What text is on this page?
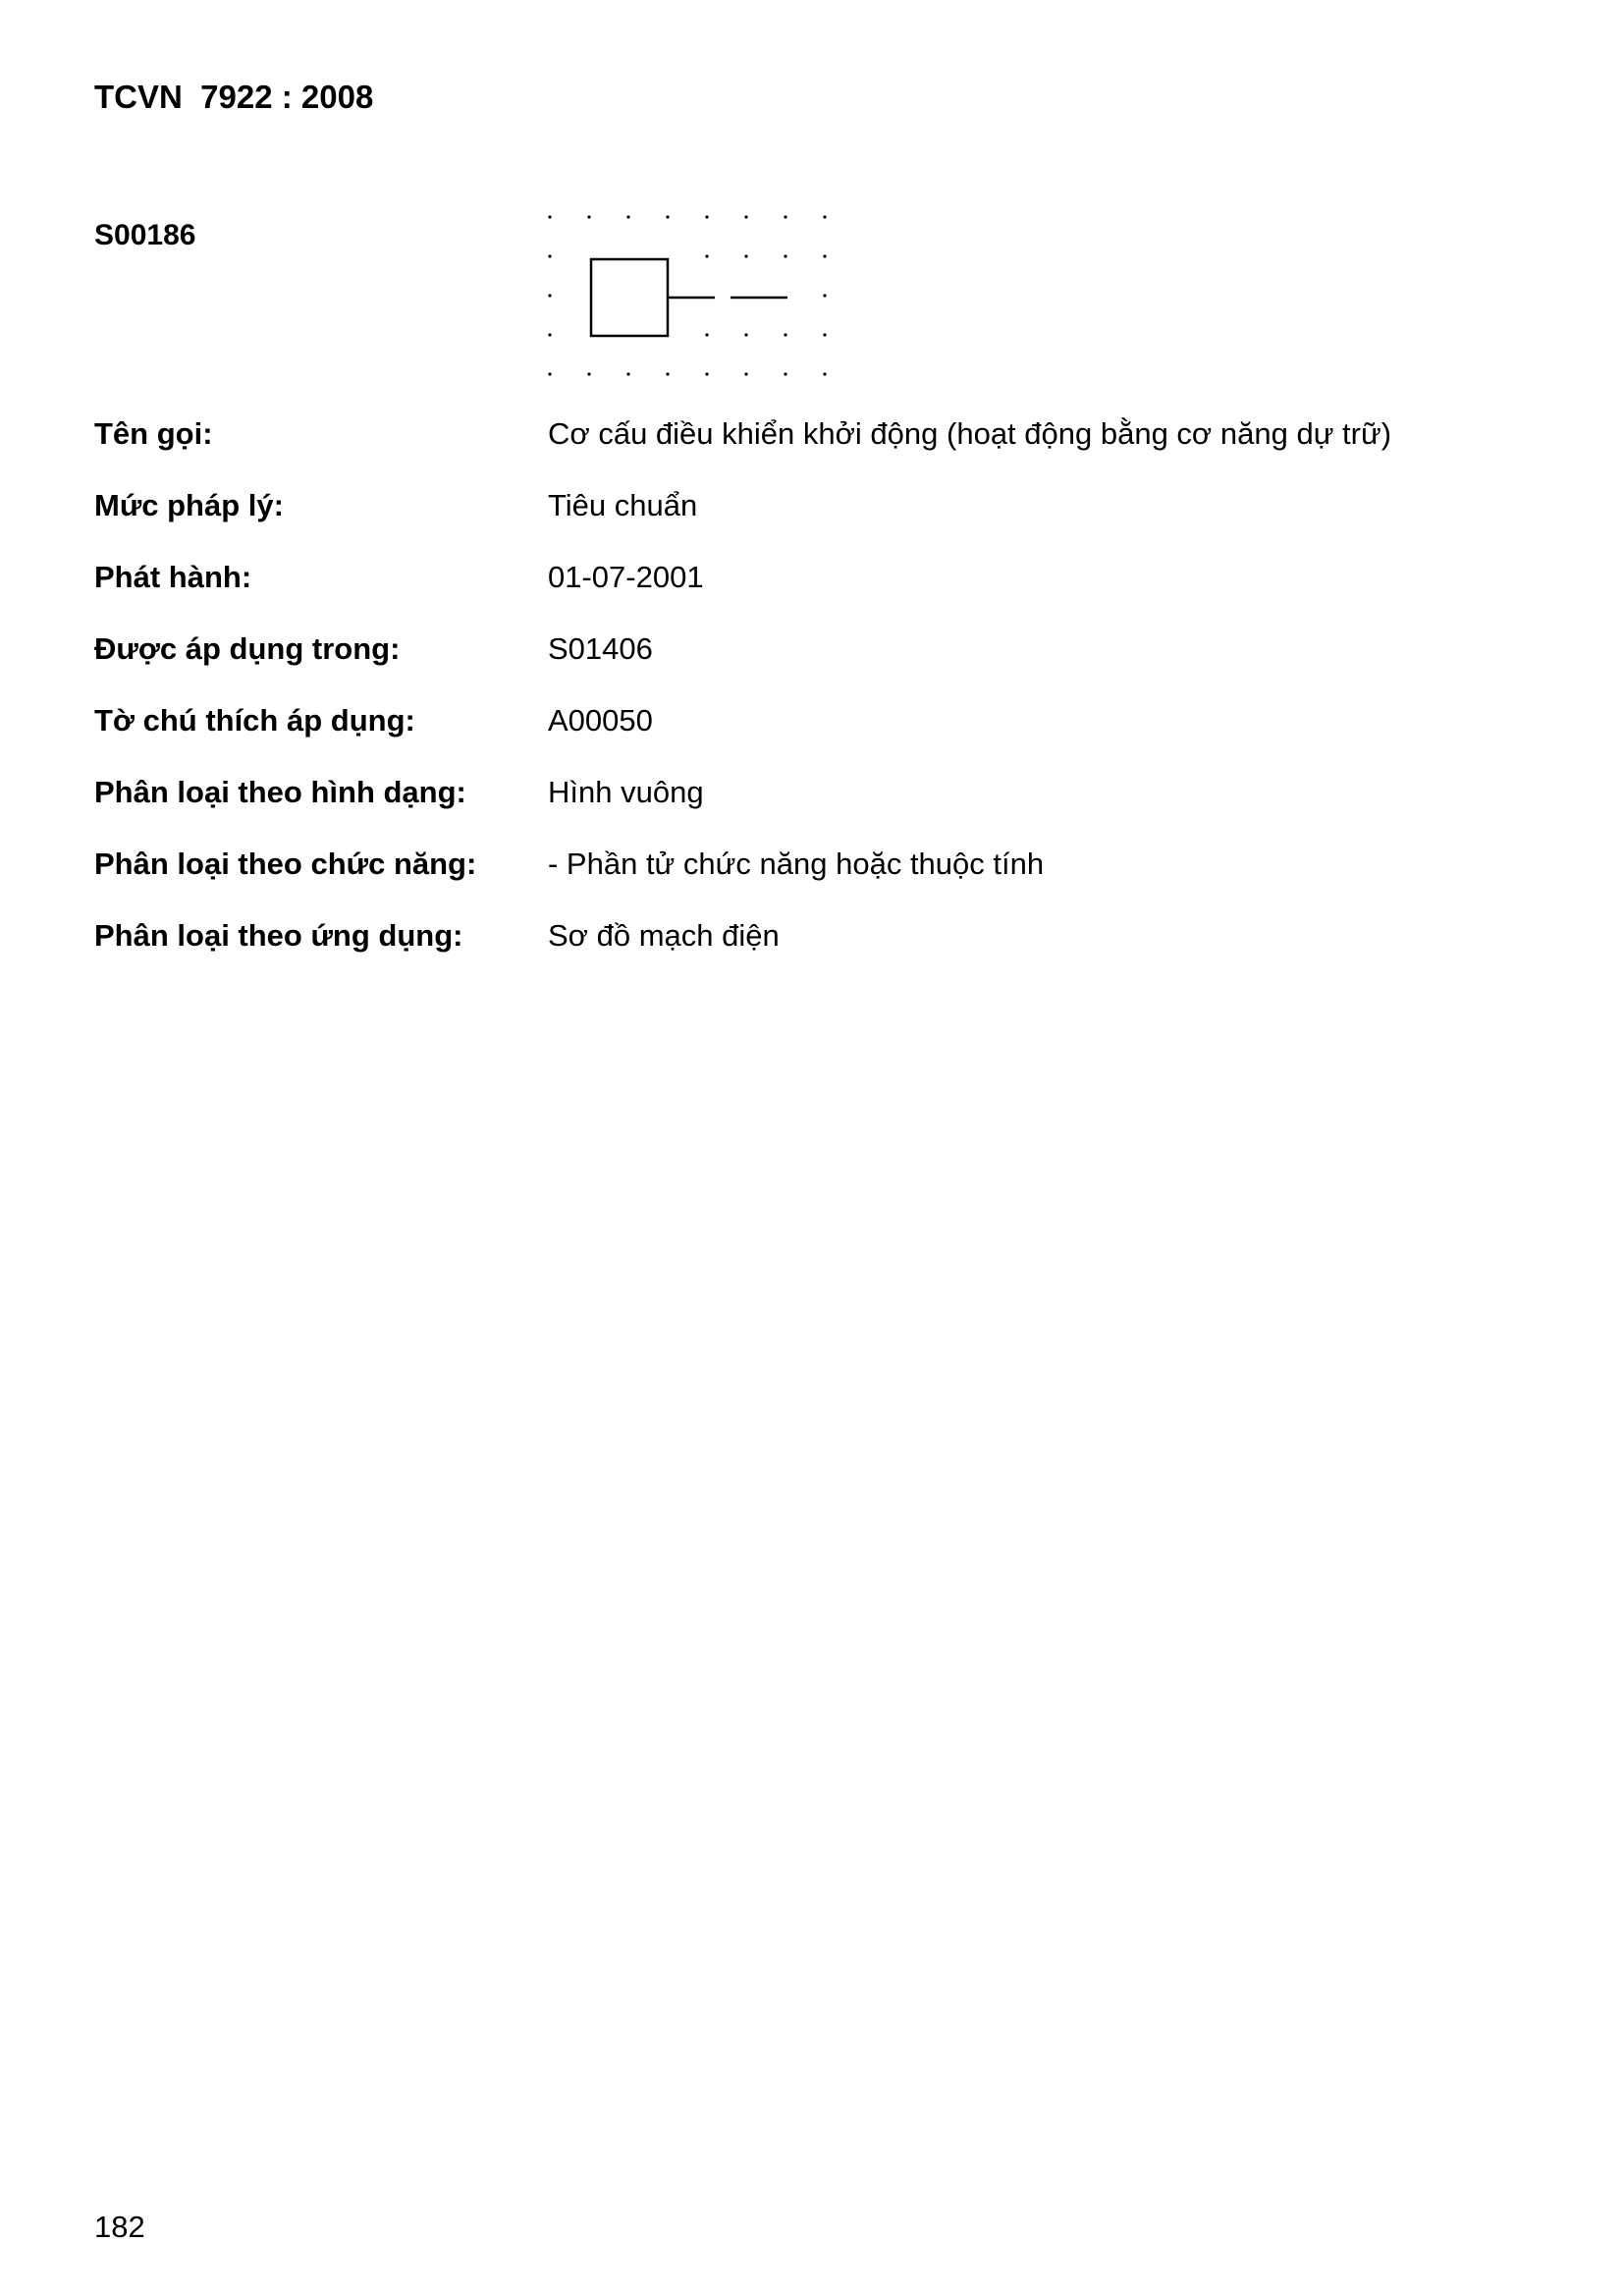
TCVN  7922 : 2008
S00186
Tên gọi:	Cơ cấu điều khiển khởi động (hoạt động bằng cơ năng dự trữ)
Mức pháp lý:	Tiêu chuẩn
Phát hành:	01-07-2001
Được áp dụng trong:	S01406
Tờ chú thích áp dụng:	A00050
Phân loại theo hình dạng:	Hình vuông
Phân loại theo chức năng: - Phần tử chức năng hoặc thuộc tính
Phân loại theo ứng dụng:	Sơ đồ mạch điện
182
